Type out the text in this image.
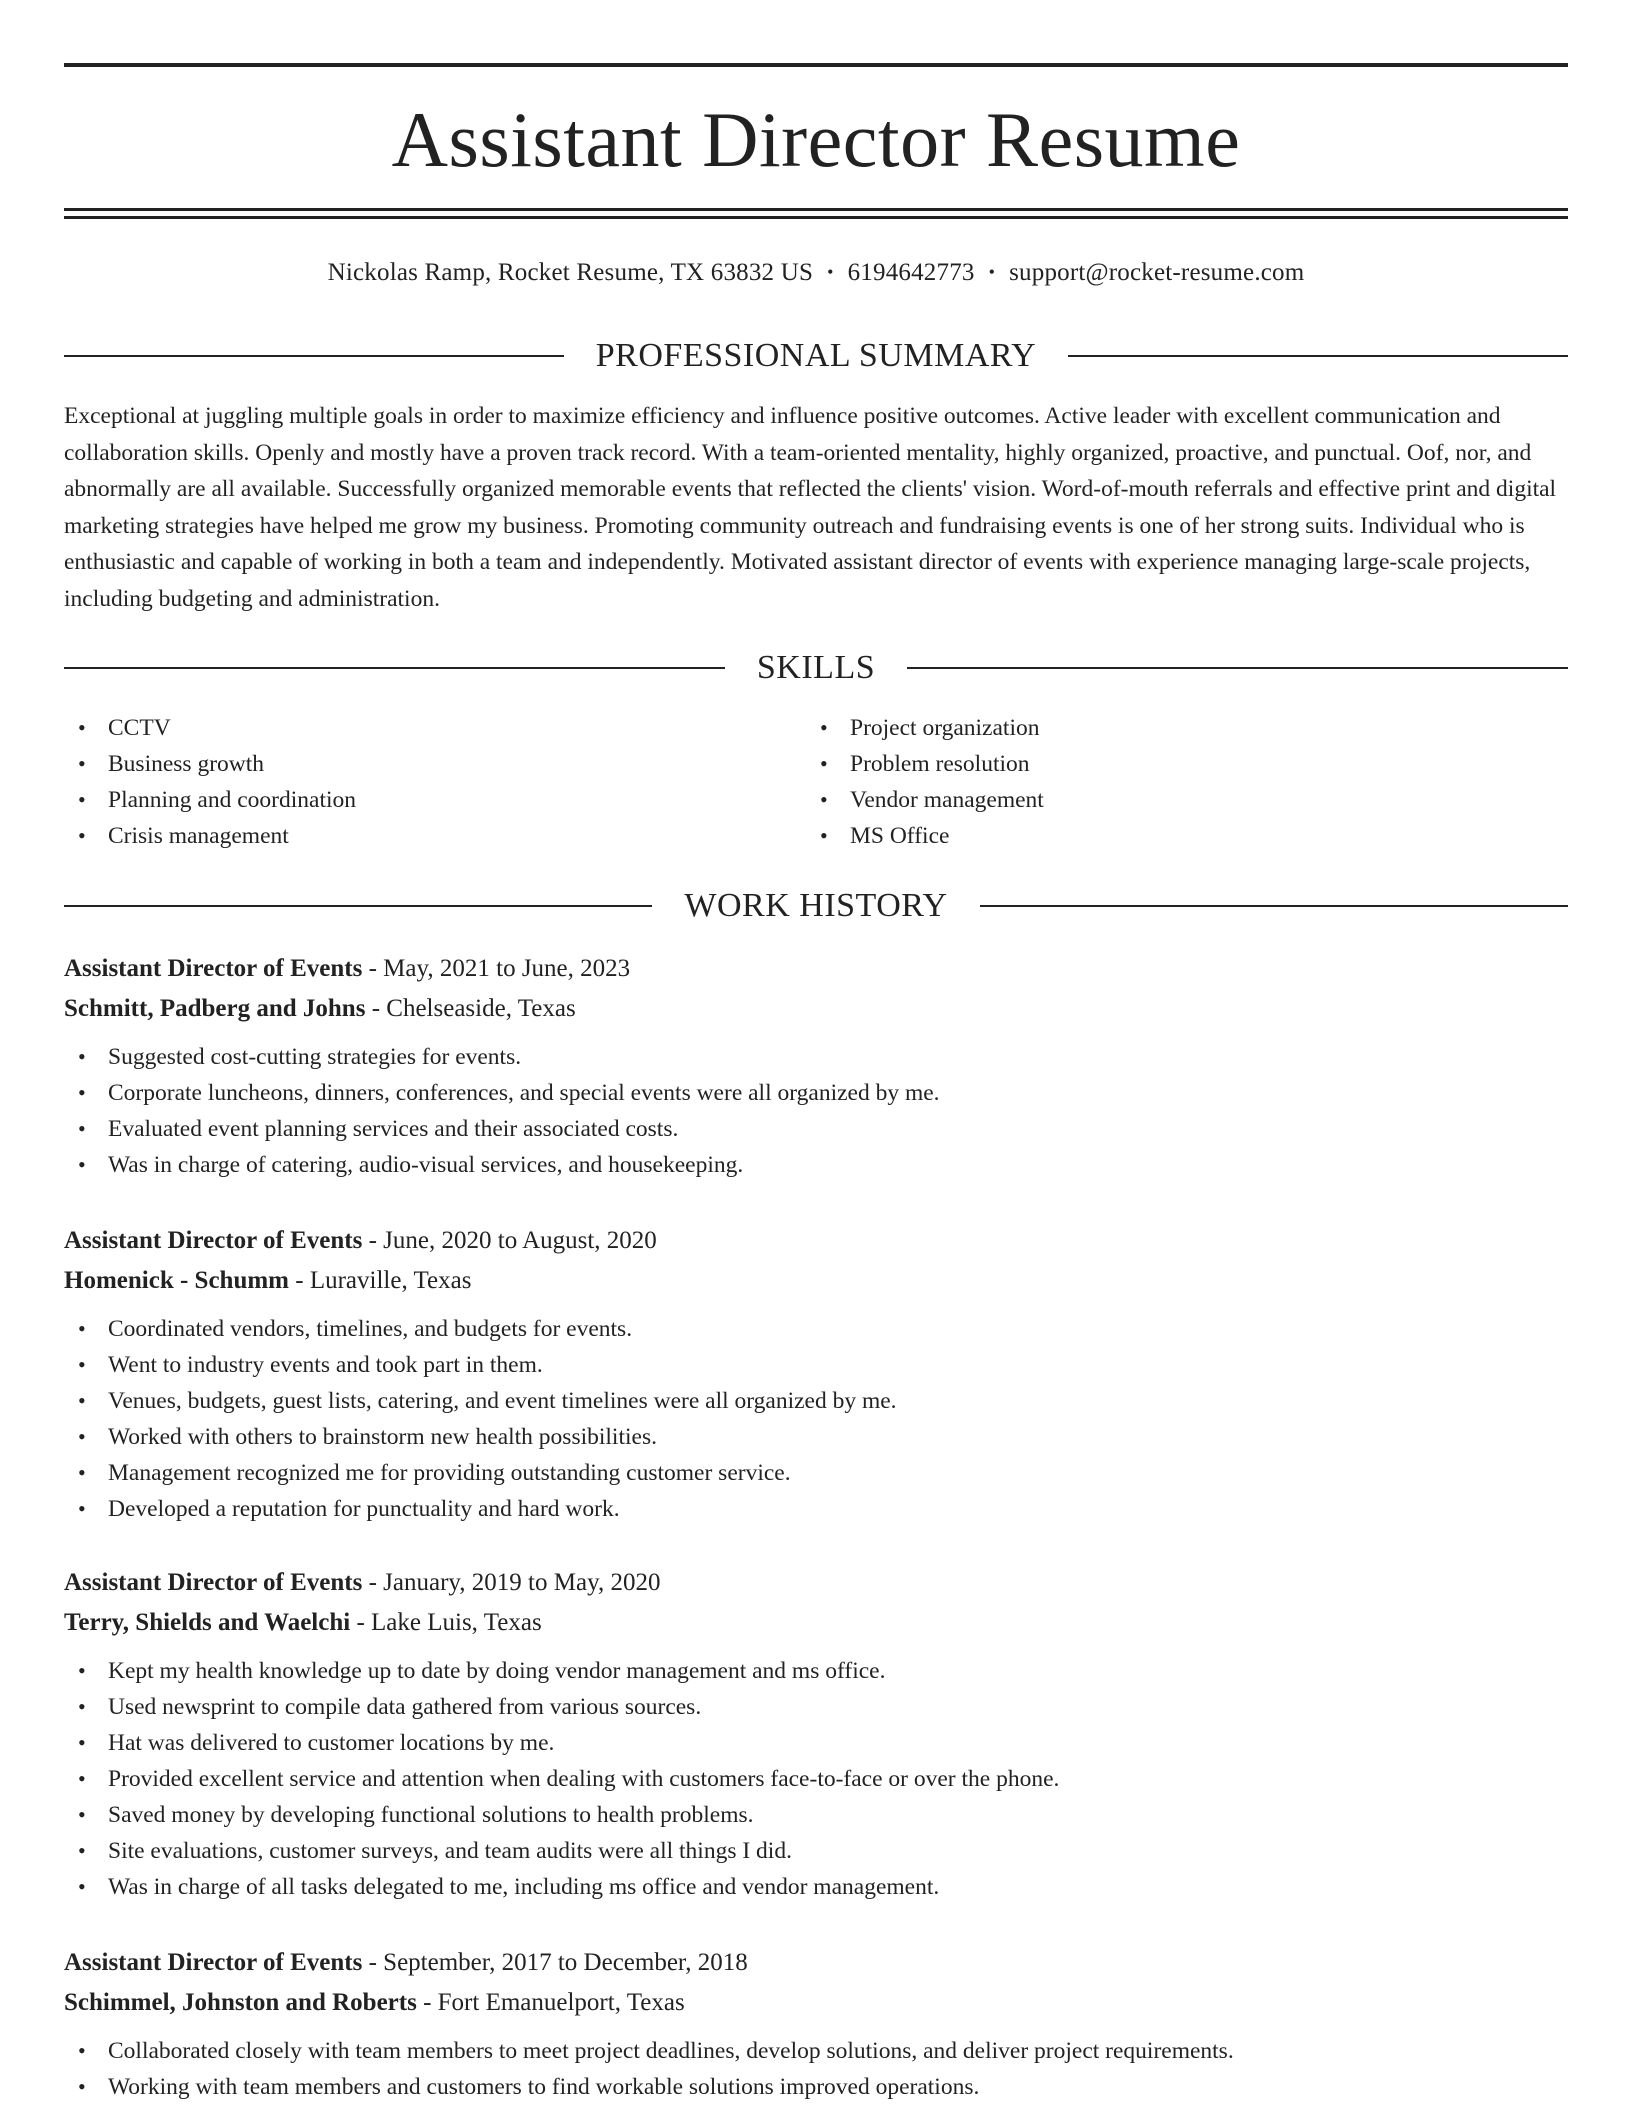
Assistant Director Resume
Nickolas Ramp, Rocket Resume, TX 63832 US • 6194642773 • support@rocket-resume.com
PROFESSIONAL SUMMARY

Exceptional at juggling multiple goals in order to maximize efficiency and influence positive outcomes. Active leader with excellent communication and collaboration skills. Openly and mostly have a proven track record. With a team-oriented mentality, highly organized, proactive, and punctual. Oof, nor, and abnormally are all available. Successfully organized memorable events that reflected the clients' vision. Word-of-mouth referrals and effective print and digital marketing strategies have helped me grow my business. Promoting community outreach and fundraising events is one of her strong suits. Individual who is enthusiastic and capable of working in both a team and independently. Motivated assistant director of events with experience managing large-scale projects, including budgeting and administration.

SKILLS
• CCTV
• Business growth
• Planning and coordination
• Crisis management
• Project organization
• Problem resolution
• Vendor management
• MS Office
WORK HISTORY
Assistant Director of Events - May, 2021 to June, 2023
Schmitt, Padberg and Johns - Chelseaside, Texas
• Suggested cost-cutting strategies for events.
• Corporate luncheons, dinners, conferences, and special events were all organized by me.
• Evaluated event planning services and their associated costs.
• Was in charge of catering, audio-visual services, and housekeeping.
Assistant Director of Events - June, 2020 to August, 2020
Homenick - Schumm - Luraville, Texas
• Coordinated vendors, timelines, and budgets for events.
• Went to industry events and took part in them.
• Venues, budgets, guest lists, catering, and event timelines were all organized by me.
• Worked with others to brainstorm new health possibilities.
• Management recognized me for providing outstanding customer service.
• Developed a reputation for punctuality and hard work.
Assistant Director of Events - January, 2019 to May, 2020
Terry, Shields and Waelchi - Lake Luis, Texas
• Kept my health knowledge up to date by doing vendor management and ms office.
• Used newsprint to compile data gathered from various sources.
• Hat was delivered to customer locations by me.
• Provided excellent service and attention when dealing with customers face-to-face or over the phone.
• Saved money by developing functional solutions to health problems.
• Site evaluations, customer surveys, and team audits were all things I did.
• Was in charge of all tasks delegated to me, including ms office and vendor management.
Assistant Director of Events - September, 2017 to December, 2018
Schimmel, Johnston and Roberts - Fort Emanuelport, Texas
• Collaborated closely with team members to meet project deadlines, develop solutions, and deliver project requirements.
• Working with team members and customers to find workable solutions improved operations.
